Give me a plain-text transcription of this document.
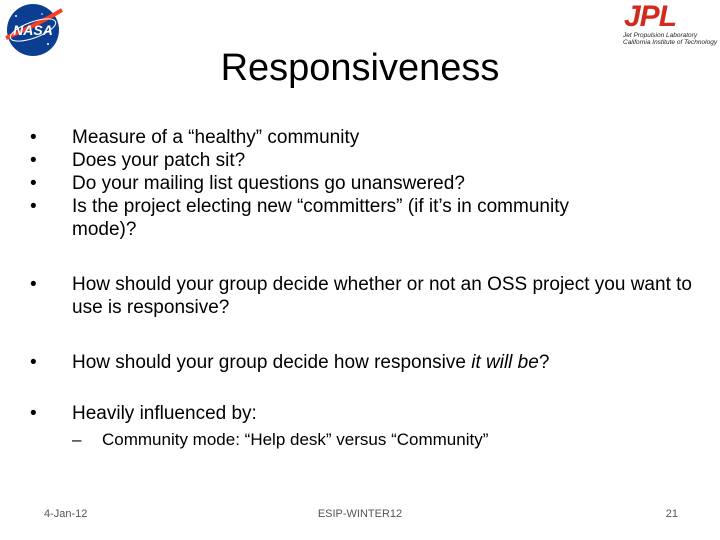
NASA	JPL
Jet Propulsion Laboratory
California Institute of Technology
Responsiveness
• Measure of a “healthy” community
• Does your patch sit?
• Do your mailing list questions go unanswered?
• Is the project electing new “committers” (if it’s in community mode)?
• How should your group decide whether or not an OSS project you want to use is responsive?
• How should your group decide how responsive it will be?
• Heavily influenced by:
– Community mode: “Help desk” versus “Community”
4-Jan-12	ESIP-WINTER12	21
